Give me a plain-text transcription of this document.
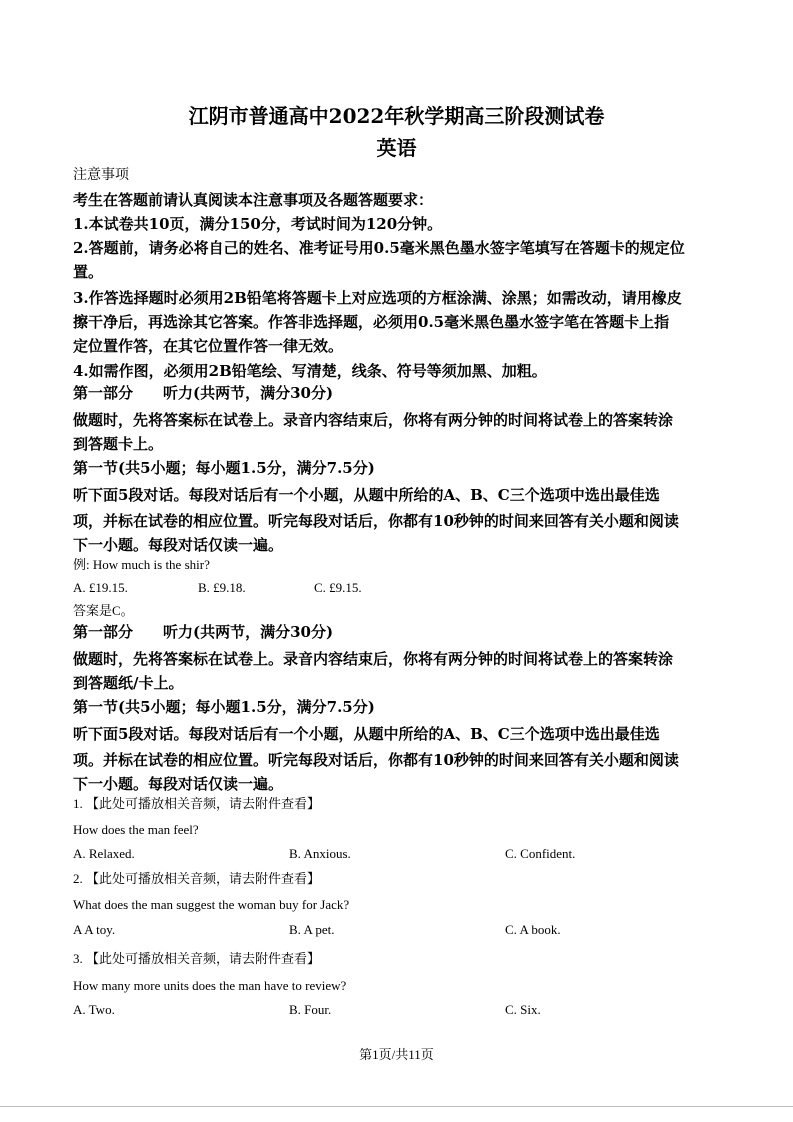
江阴市普通高中2022年秋学期高三阶段测试卷
英语
注意事项
考生在答题前请认真阅读本注意事项及各题答题要求：
1.本试卷共10页，满分150分，考试时间为120分钟。
2.答题前，请务必将自己的姓名、准考证号用0.5毫米黑色墨水签字笔填写在答题卡的规定位
置。
3.作答选择题时必须用2B铅笔将答题卡上对应选项的方框涂满、涂黑；如需改动，请用橡皮
擦干净后，再选涂其它答案。作答非选择题，必须用0.5毫米黑色墨水签字笔在答题卡上指
定位置作答，在其它位置作答一律无效。
4.如需作图，必须用2B铅笔绘、写清楚，线条、符号等须加黑、加粗。
第一部分　　听力(共两节，满分30分)
做题时，先将答案标在试卷上。录音内容结束后，你将有两分钟的时间将试卷上的答案转涂
到答题卡上。
第一节(共5小题；每小题1.5分，满分7.5分)
听下面5段对话。每段对话后有一个小题，从题中所给的A、B、C三个选项中选出最佳选
项，并标在试卷的相应位置。听完每段对话后，你都有10秒钟的时间来回答有关小题和阅读
下一小题。每段对话仅读一遍。
例: How much is the shir?
A. £19.15.	B. £9.18.	C. £9.15.
答案是C。
第一部分　　听力(共两节，满分30分)
做题时，先将答案标在试卷上。录音内容结束后，你将有两分钟的时间将试卷上的答案转涂
到答题纸/卡上。
第一节(共5小题；每小题1.5分，满分7.5分)
听下面5段对话。每段对话后有一个小题，从题中所给的A、B、C三个选项中选出最佳选
项。并标在试卷的相应位置。听完每段对话后，你都有10秒钟的时间来回答有关小题和阅读
下一小题。每段对话仅读一遍。
1. 【此处可播放相关音频，请去附件查看】
How does the man feel?
A. Relaxed.	B. Anxious.	C. Confident.
2. 【此处可播放相关音频，请去附件查看】
What does the man suggest the woman buy for Jack?
A A toy.	B. A pet.	C. A book.
3. 【此处可播放相关音频，请去附件查看】
How many more units does the man have to review?
A. Two.	B. Four.	C. Six.
第1页/共11页
